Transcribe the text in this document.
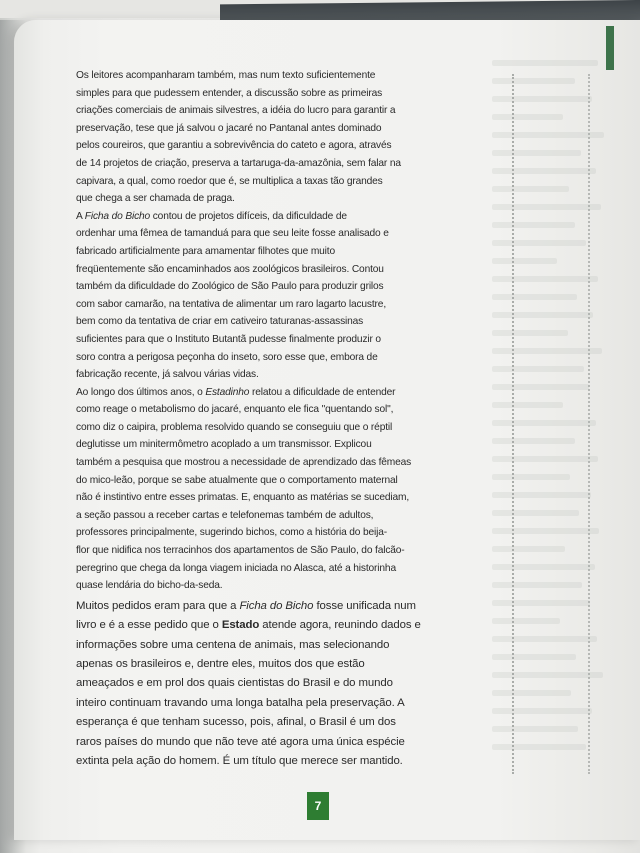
Os leitores acompanharam também, mas num texto suficientemente
simples para que pudessem entender, a discussão sobre as primeiras
criações comerciais de animais silvestres, a idéia do lucro para garantir a
preservação, tese que já salvou o jacaré no Pantanal antes dominado
pelos coureiros, que garantiu a sobrevivência do cateto e agora, através
de 14 projetos de criação, preserva a tartaruga-da-amazônia, sem falar na
capivara, a qual, como roedor que é, se multiplica a taxas tão grandes
que chega a ser chamada de praga.

A Ficha do Bicho contou de projetos difíceis, da dificuldade de
ordenhar uma fêmea de tamanduá para que seu leite fosse analisado e
fabricado artificialmente para amamentar filhotes que muito
freqüentemente são encaminhados aos zoológicos brasileiros. Contou
também da dificuldade do Zoológico de São Paulo para produzir grilos
com sabor camarão, na tentativa de alimentar um raro lagarto lacustre,
bem como da tentativa de criar em cativeiro taturanas-assassinas
suficientes para que o Instituto Butantã pudesse finalmente produzir o
soro contra a perigosa peçonha do inseto, soro esse que, embora de
fabricação recente, já salvou várias vidas.

Ao longo dos últimos anos, o Estadinho relatou a dificuldade de entender
como reage o metabolismo do jacaré, enquanto ele fica "quentando sol",
como diz o caipira, problema resolvido quando se conseguiu que o réptil
deglutisse um minitermômetro acoplado a um transmissor. Explicou
também a pesquisa que mostrou a necessidade de aprendizado das fêmeas
do mico-leão, porque se sabe atualmente que o comportamento maternal
não é instintivo entre esses primatas. E, enquanto as matérias se sucediam,
a seção passou a receber cartas e telefonemas também de adultos,
professores principalmente, sugerindo bichos, como a história do beija-
flor que nidifica nos terracinhos dos apartamentos de São Paulo, do falcão-
peregrino que chega da longa viagem iniciada no Alasca, até a historinha
quase lendária do bicho-da-seda.

Muitos pedidos eram para que a Ficha do Bicho fosse unificada num
livro e é a esse pedido que o Estado atende agora, reunindo dados e
informações sobre uma centena de animais, mas selecionando
apenas os brasileiros e, dentre eles, muitos dos que estão
ameaçados e em prol dos quais cientistas do Brasil e do mundo
inteiro continuam travando uma longa batalha pela preservação. A
esperança é que tenham sucesso, pois, afinal, o Brasil é um dos
raros países do mundo que não teve até agora uma única espécie
extinta pela ação do homem. É um título que merece ser mantido.

7
